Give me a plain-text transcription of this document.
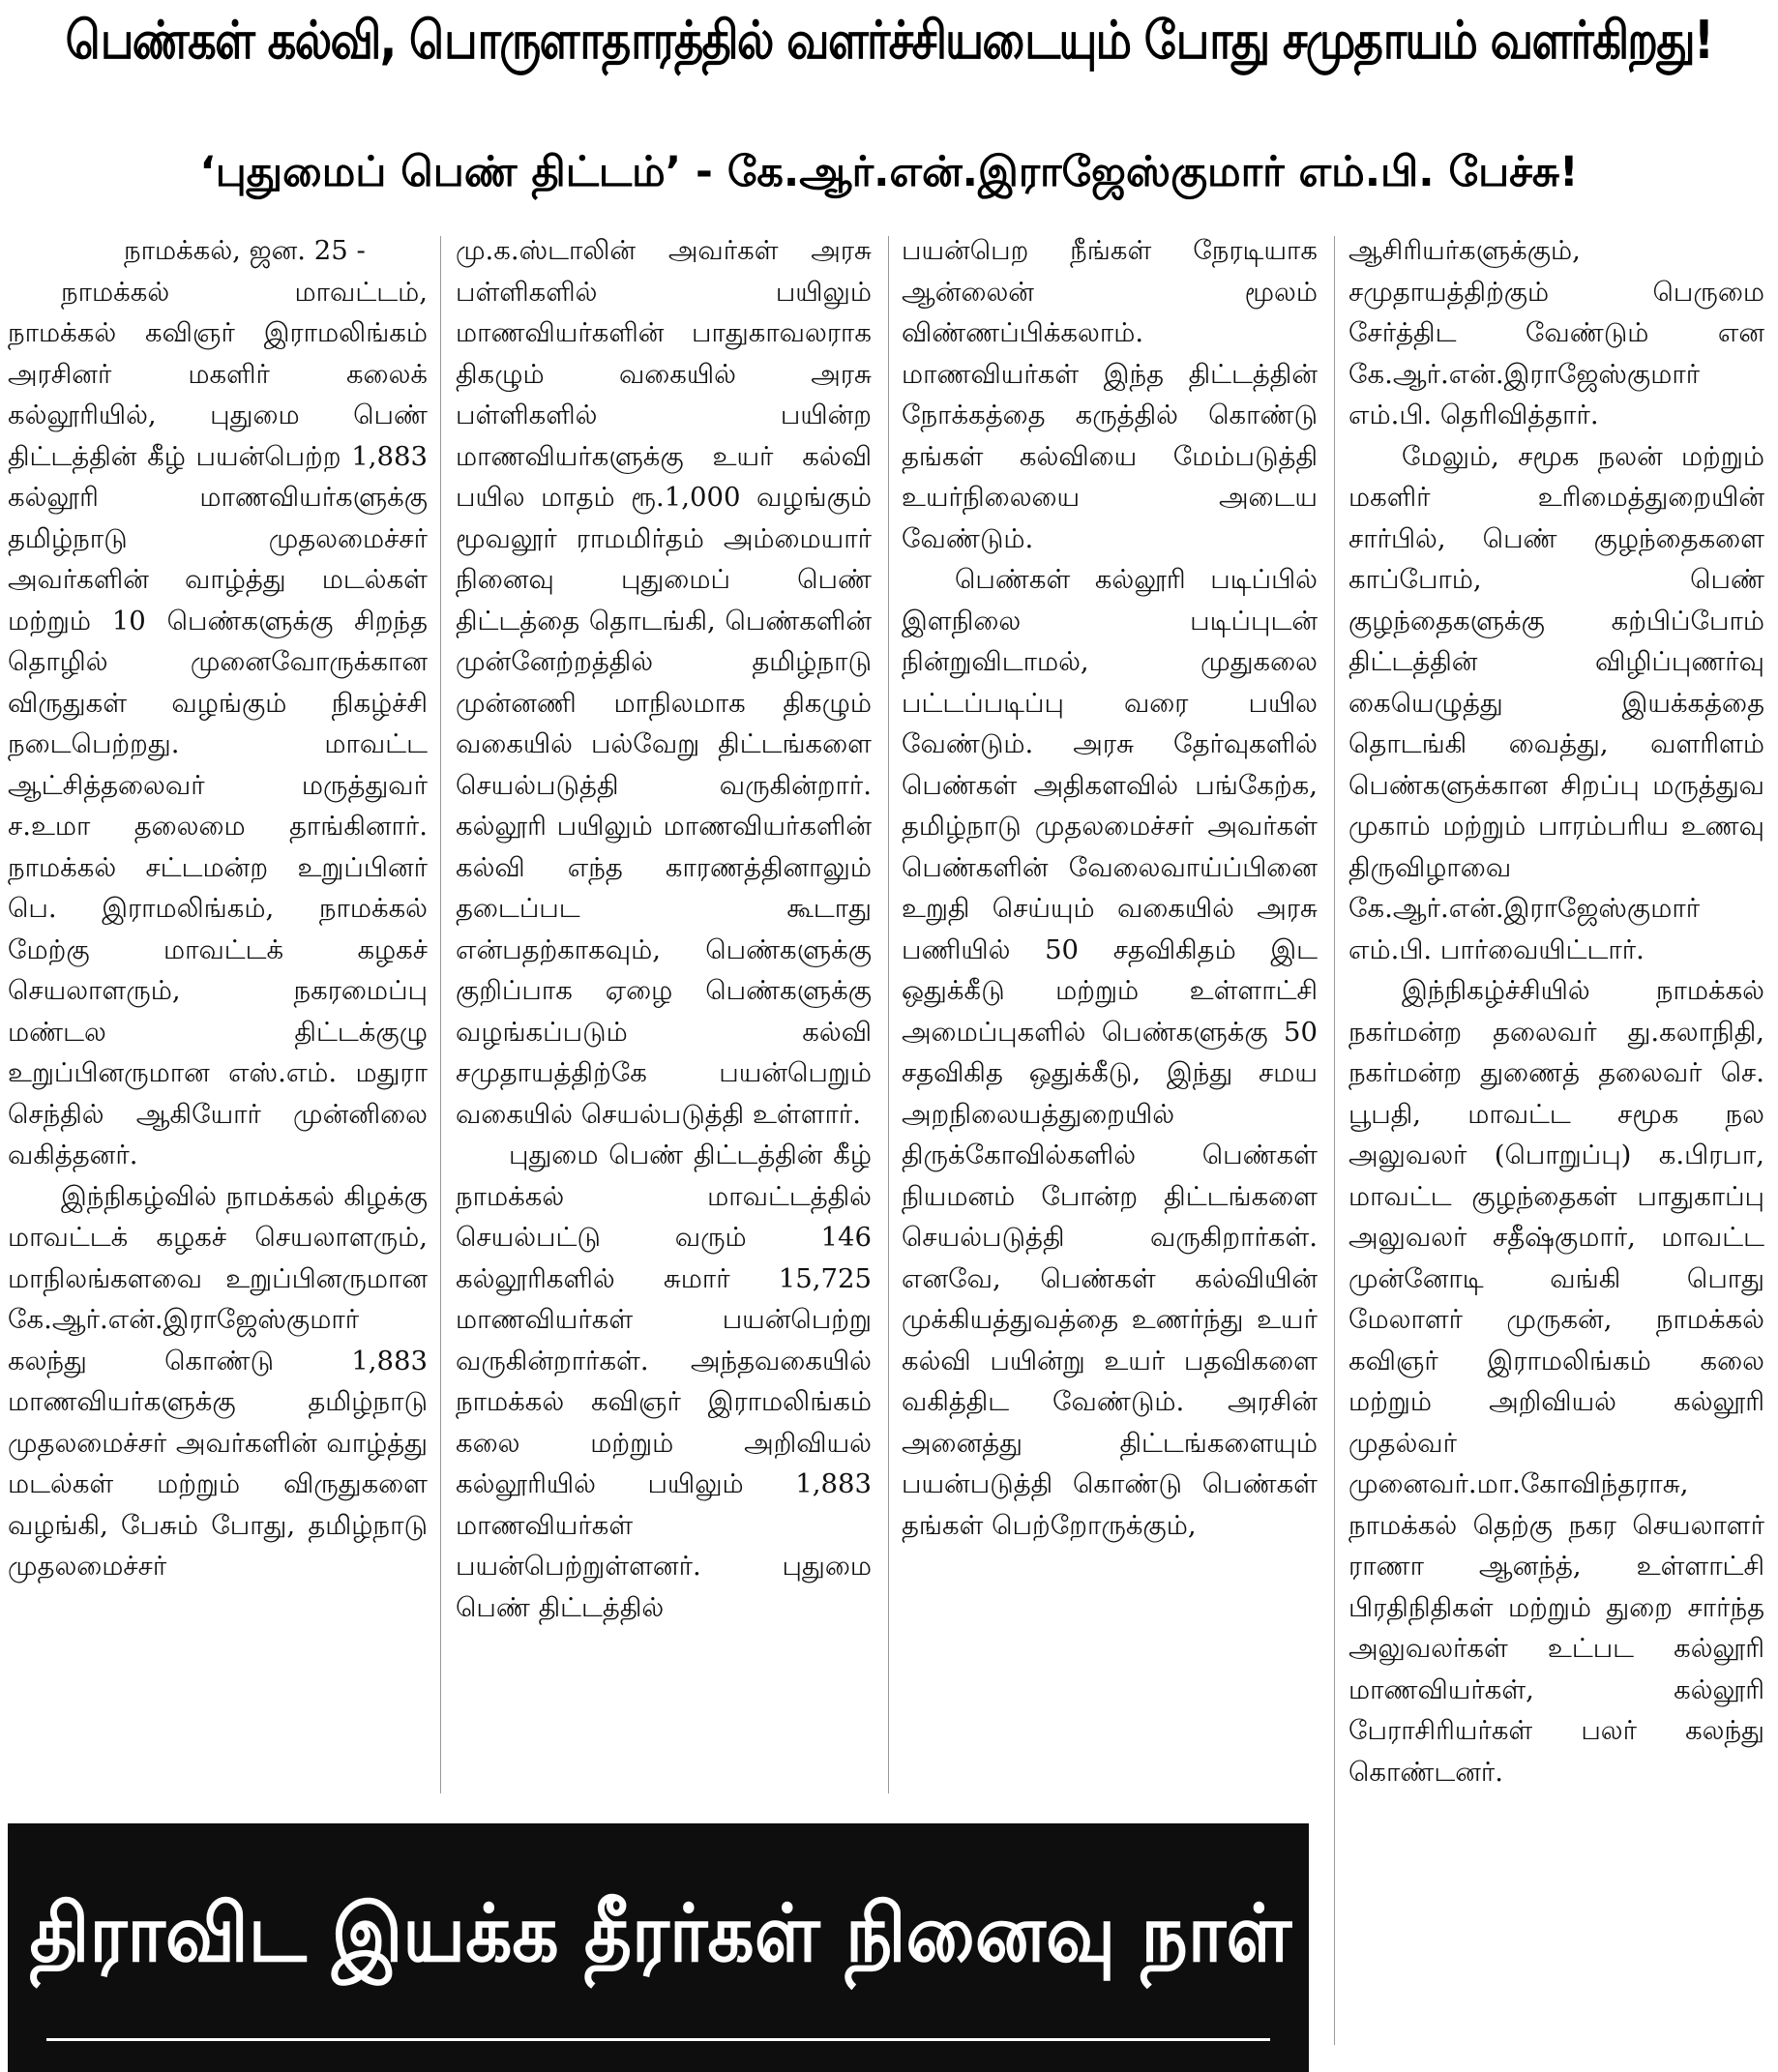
பெண்கள் கல்வி, பொருளாதாரத்தில் வளர்ச்சியடையும் போது சமுதாயம் வளர்கிறது!
‘புதுமைப் பெண் திட்டம்’ - கே.ஆர்.என்.இராஜேஸ்குமார் எம்.பி. பேச்சு!

நாமக்கல், ஜன. 25 -

நாமக்கல் மாவட்டம், நாமக்கல் கவிஞர் இராமலிங்கம் அரசினர் மகளிர் கலைக் கல்லூரியில், புதுமை பெண் திட்டத்தின் கீழ் பயன்பெற்ற 1,883 கல்லூரி மாணவியர்களுக்கு தமிழ்நாடு முதலமைச்சர் அவர்களின் வாழ்த்து மடல்கள் மற்றும் 10 பெண்களுக்கு சிறந்த தொழில் முனைவோருக்கான விருதுகள் வழங்கும் நிகழ்ச்சி நடைபெற்றது. மாவட்ட ஆட்சித்தலைவர் மருத்துவர் ச.உமா தலைமை தாங்கினார். நாமக்கல் சட்டமன்ற உறுப்பினர் பெ. இராமலிங்கம், நாமக்கல் மேற்கு மாவட்டக் கழகச் செயலாளரும், நகரமைப்பு மண்டல திட்டக்குழு உறுப்பினருமான எஸ்.எம். மதுரா செந்தில் ஆகியோர் முன்னிலை வகித்தனர்.

இந்நிகழ்வில் நாமக்கல் கிழக்கு மாவட்டக் கழகச் செயலாளரும், மாநிலங்களவை உறுப்பினருமான கே.ஆர்.என்.இராஜேஸ்குமார் கலந்து கொண்டு 1,883 மாணவியர்களுக்கு தமிழ்நாடு முதலமைச்சர் அவர்களின் வாழ்த்து மடல்கள் மற்றும் விருதுகளை வழங்கி, பேசும் போது, தமிழ்நாடு முதலமைச்சர்

மு.க.ஸ்டாலின் அவர்கள் அரசு பள்ளிகளில் பயிலும் மாணவியர்களின் பாதுகாவலராக திகழும் வகையில் அரசு பள்ளிகளில் பயின்ற மாணவியர்களுக்கு உயர் கல்வி பயில மாதம் ரூ.1,000 வழங்கும் மூவலூர் ராமமிர்தம் அம்மையார் நினைவு புதுமைப் பெண் திட்டத்தை தொடங்கி, பெண்களின் முன்னேற்றத்தில் தமிழ்நாடு முன்னணி மாநிலமாக திகழும் வகையில் பல்வேறு திட்டங்களை செயல்படுத்தி வருகின்றார். கல்லூரி பயிலும் மாணவியர்களின் கல்வி எந்த காரணத்தினாலும் தடைப்பட கூடாது என்பதற்காகவும், பெண்களுக்கு குறிப்பாக ஏழை பெண்களுக்கு வழங்கப்படும் கல்வி சமுதாயத்திற்கே பயன்பெறும் வகையில் செயல்படுத்தி உள்ளார்.

புதுமை பெண் திட்டத்தின் கீழ் நாமக்கல் மாவட்டத்தில் செயல்பட்டு வரும் 146 கல்லூரிகளில் சுமார் 15,725 மாணவியர்கள் பயன்பெற்று வருகின்றார்கள். அந்தவகையில் நாமக்கல் கவிஞர் இராமலிங்கம் கலை மற்றும் அறிவியல் கல்லூரியில் பயிலும் 1,883 மாணவியர்கள் பயன்பெற்றுள்ளனர். புதுமை பெண் திட்டத்தில்

பயன்பெற நீங்கள் நேரடியாக ஆன்லைன் மூலம் விண்ணப்பிக்கலாம். மாணவியர்கள் இந்த திட்டத்தின் நோக்கத்தை கருத்தில் கொண்டு தங்கள் கல்வியை மேம்படுத்தி உயர்நிலையை அடைய வேண்டும்.

பெண்கள் கல்லூரி படிப்பில் இளநிலை படிப்புடன் நின்றுவிடாமல், முதுகலை பட்டப்படிப்பு வரை பயில வேண்டும். அரசு தேர்வுகளில் பெண்கள் அதிகளவில் பங்கேற்க, தமிழ்நாடு முதலமைச்சர் அவர்கள் பெண்களின் வேலைவாய்ப்பினை உறுதி செய்யும் வகையில் அரசு பணியில் 50 சதவிகிதம் இட ஒதுக்கீடு மற்றும் உள்ளாட்சி அமைப்புகளில் பெண்களுக்கு 50 சதவிகித ஒதுக்கீடு, இந்து சமய அறநிலையத்துறையில் திருக்கோவில்களில் பெண்கள் நியமனம் போன்ற திட்டங்களை செயல்படுத்தி வருகிறார்கள். எனவே, பெண்கள் கல்வியின் முக்கியத்துவத்தை உணர்ந்து உயர் கல்வி பயின்று உயர் பதவிகளை வகித்திட வேண்டும். அரசின் அனைத்து திட்டங்களையும் பயன்படுத்தி கொண்டு பெண்கள் தங்கள் பெற்றோருக்கும்,

ஆசிரியர்களுக்கும், சமுதாயத்திற்கும் பெருமை சேர்த்திட வேண்டும் என கே.ஆர்.என்.இராஜேஸ்குமார் எம்.பி. தெரிவித்தார்.

மேலும், சமூக நலன் மற்றும் மகளிர் உரிமைத்துறையின் சார்பில், பெண் குழந்தைகளை காப்போம், பெண் குழந்தைகளுக்கு கற்பிப்போம் திட்டத்தின் விழிப்புணர்வு கையெழுத்து இயக்கத்தை தொடங்கி வைத்து, வளரிளம் பெண்களுக்கான சிறப்பு மருத்துவ முகாம் மற்றும் பாரம்பரிய உணவு திருவிழாவை கே.ஆர்.என்.இராஜேஸ்குமார் எம்.பி. பார்வையிட்டார்.

இந்நிகழ்ச்சியில் நாமக்கல் நகர்மன்ற தலைவர் து.கலாநிதி, நகர்மன்ற துணைத் தலைவர் செ. பூபதி, மாவட்ட சமூக நல அலுவலர் (பொறுப்பு) க.பிரபா, மாவட்ட குழந்தைகள் பாதுகாப்பு அலுவலர் சதீஷ்குமார், மாவட்ட முன்னோடி வங்கி பொது மேலாளர் முருகன், நாமக்கல் கவிஞர் இராமலிங்கம் கலை மற்றும் அறிவியல் கல்லூரி முதல்வர் முனைவர்.மா.கோவிந்தராசு, நாமக்கல் தெற்கு நகர செயலாளர் ராணா ஆனந்த், உள்ளாட்சி பிரதிநிதிகள் மற்றும் துறை சார்ந்த அலுவலர்கள் உட்பட கல்லூரி மாணவியர்கள், கல்லூரி பேராசிரியர்கள் பலர் கலந்து கொண்டனர்.

திராவிட இயக்க தீரர்கள் நினைவு நாள்
